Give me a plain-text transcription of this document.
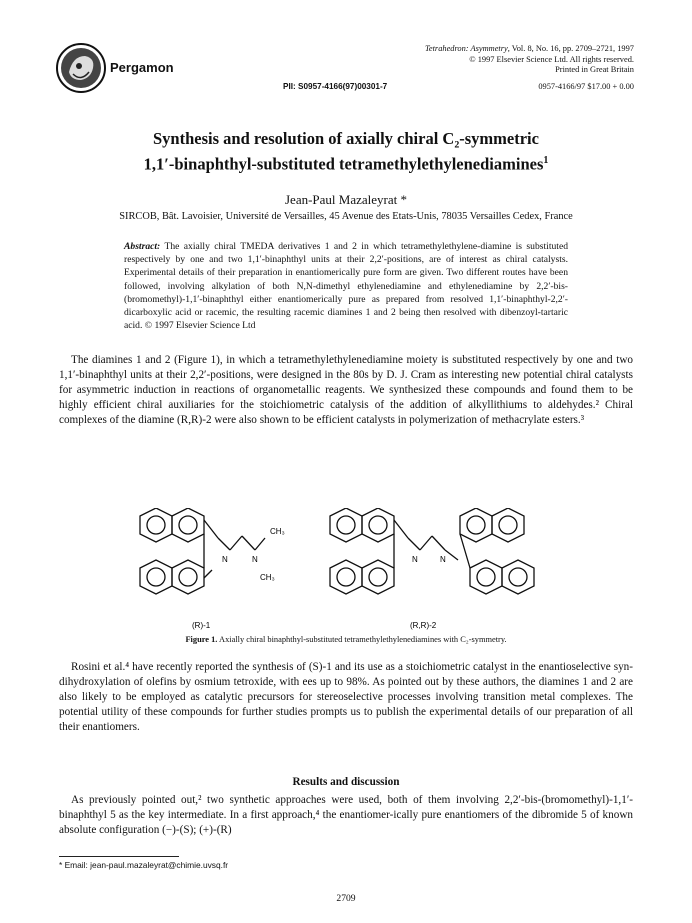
Pergamon
Tetrahedron: Asymmetry, Vol. 8, No. 16, pp. 2709–2721, 1997
© 1997 Elsevier Science Ltd. All rights reserved.
Printed in Great Britain
PII: S0957-4166(97)00301-7	0957-4166/97 $17.00 + 0.00
Synthesis and resolution of axially chiral C₂-symmetric
1,1′-binaphthyl-substituted tetramethylethylenediamines$^1$
Jean-Paul Mazaleyrat *
SIRCOB, Bât. Lavoisier, Université de Versailles, 45 Avenue des Etats-Unis, 78035 Versailles Cedex, France
Abstract: The axially chiral TMEDA derivatives 1 and 2 in which tetramethylethylene-diamine is substituted respectively by one and two 1,1′-binaphthyl units at their 2,2′-positions, are of interest as chiral catalysts. Experimental details of their preparation in enantiomerically pure form are given. Two different routes have been followed, involving alkylation of both N,N-dimethyl ethylenediamine and ethylenediamine by 2,2′-bis-(bromomethyl)-1,1′-binaphthyl either enantiomerically pure as prepared from resolved 1,1′-binaphthyl-2,2′-dicarboxylic acid or racemic, the resulting racemic diamines 1 and 2 being then resolved with dibenzoyl-tartaric acid. © 1997 Elsevier Science Ltd
The diamines 1 and 2 (Figure 1), in which a tetramethylethylenediamine moiety is substituted respectively by one and two 1,1′-binaphthyl units at their 2,2′-positions, were designed in the 80s by D. J. Cram as interesting new potential chiral catalysts for asymmetric induction in reactions of organometallic reagents. We synthesized these compounds and found them to be highly efficient chiral auxiliaries for the stoichiometric catalysis of the addition of alkyllithiums to aldehydes.² Chiral complexes of the diamine (R,R)-2 were also shown to be efficient catalysts in polymerization of methacrylate esters.³
CH₃
N	N
CH₃
N	N
(R)-1	(R,R)-2
Figure 1. Axially chiral binaphthyl-substituted tetramethylethylenediamines with C₂-symmetry.
Rosini et al.⁴ have recently reported the synthesis of (S)-1 and its use as a stoichiometric catalyst in the enantioselective syn-dihydroxylation of olefins by osmium tetroxide, with ees up to 98%. As pointed out by these authors, the diamines 1 and 2 are also likely to be employed as catalytic precursors for stereoselective processes involving transition metal complexes. The potential utility of these compounds for further studies prompts us to publish the experimental details of our preparation of all their enantiomers.
Results and discussion
As previously pointed out,² two synthetic approaches were used, both of them involving 2,2′-bis-(bromomethyl)-1,1′-binaphthyl 5 as the key intermediate. In a first approach,⁴ the enantiomer-ically pure enantiomers of the dibromide 5 of known absolute configuration (−)-(S); (+)-(R)
* Email: jean-paul.mazaleyrat@chimie.uvsq.fr
2709
